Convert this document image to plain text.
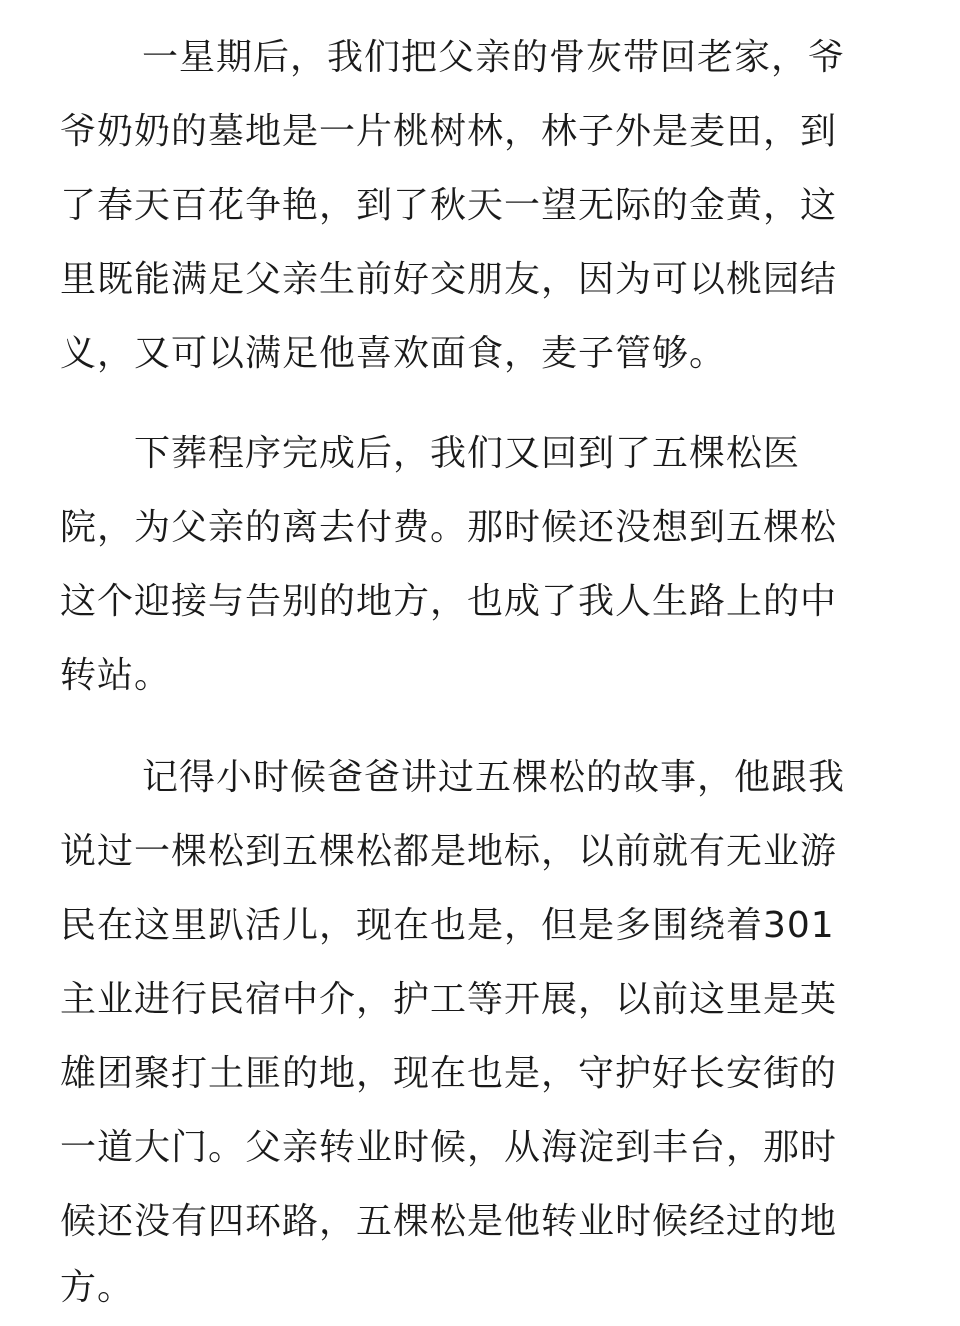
一星期后，我们把父亲的骨灰带回老家，爷
爷奶奶的墓地是一片桃树林，林子外是麦田，到
了春天百花争艳，到了秋天一望无际的金黄，这
里既能满足父亲生前好交朋友，因为可以桃园结
义，又可以满足他喜欢面食，麦子管够。
下葬程序完成后，我们又回到了五棵松医
院，为父亲的离去付费。那时候还没想到五棵松
这个迎接与告别的地方，也成了我人生路上的中
转站。
记得小时候爸爸讲过五棵松的故事，他跟我
说过一棵松到五棵松都是地标，以前就有无业游
民在这里趴活儿，现在也是，但是多围绕着301
主业进行民宿中介，护工等开展，以前这里是英
雄团聚打土匪的地，现在也是，守护好长安街的
一道大门。父亲转业时候，从海淀到丰台，那时
候还没有四环路，五棵松是他转业时候经过的地
方。
